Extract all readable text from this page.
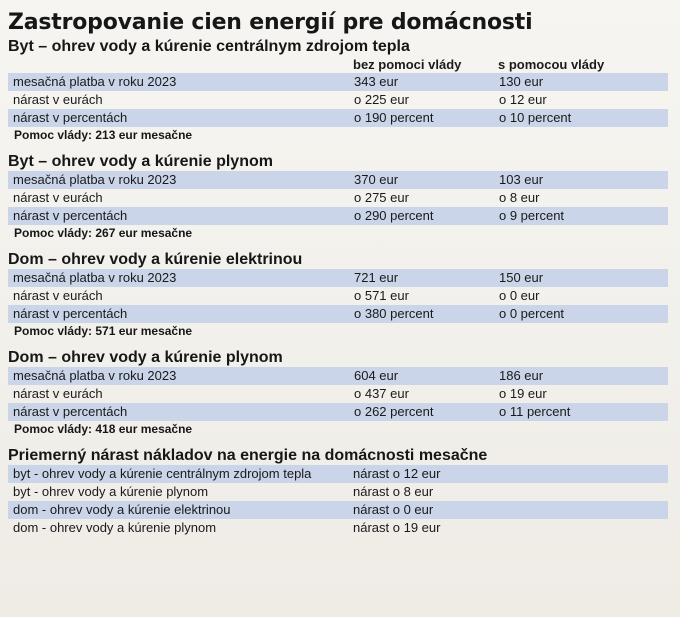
Zastropovanie cien energií pre domácnosti
Byt – ohrev vody a kúrenie centrálnym zdrojom tepla
bez pomoci vlády	s pomocou vlády
mesačná platba v roku 2023	343 eur	130 eur
nárast v eurách	o 225 eur	o 12 eur
nárast v percentách	o 190 percent	o 10 percent
Pomoc vlády: 213 eur mesačne
Byt – ohrev vody a kúrenie plynom
mesačná platba v roku 2023	370 eur	103 eur
nárast v eurách	o 275 eur	o 8 eur
nárast v percentách	o 290 percent	o 9 percent
Pomoc vlády: 267 eur mesačne
Dom – ohrev vody a kúrenie elektrinou
mesačná platba v roku 2023	721 eur	150 eur
nárast v eurách	o 571 eur	o 0 eur
nárast v percentách	o 380 percent	o 0 percent
Pomoc vlády: 571 eur mesačne
Dom – ohrev vody a kúrenie plynom
mesačná platba v roku 2023	604 eur	186 eur
nárast v eurách	o 437 eur	o 19 eur
nárast v percentách	o 262 percent	o 11 percent
Pomoc vlády: 418 eur mesačne
Priemerný nárast nákladov na energie na domácnosti mesačne
byt - ohrev vody a kúrenie centrálnym zdrojom tepla	nárast o 12 eur
byt - ohrev vody a kúrenie plynom	nárast o 8 eur
dom - ohrev vody a kúrenie elektrinou	nárast o 0 eur
dom - ohrev vody a kúrenie plynom	nárast o 19 eur
